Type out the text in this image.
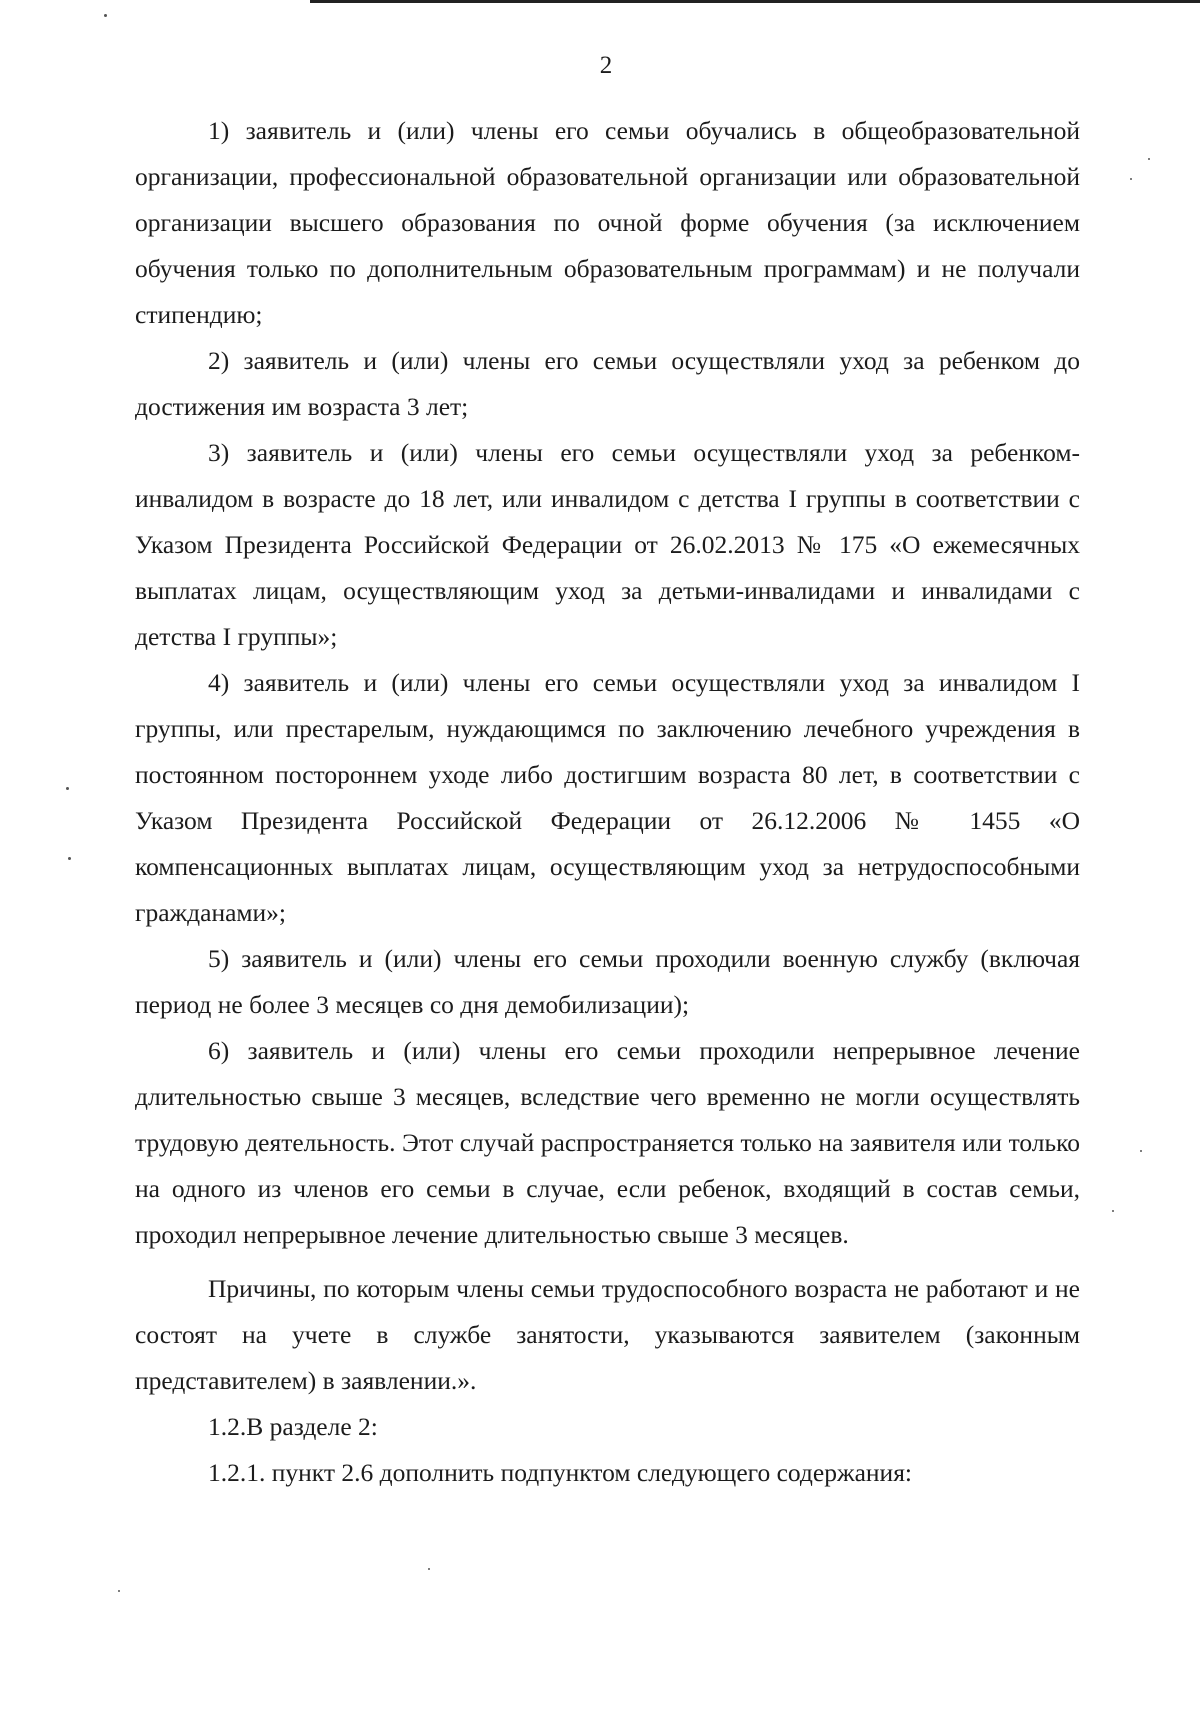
2

1) заявитель и (или) члены его семьи обучались в общеобразовательной организации, профессиональной образовательной организации или образовательной организации высшего образования по очной форме обучения (за исключением обучения только по дополнительным образовательным программам) и не получали стипендию;

2) заявитель и (или) члены его семьи осуществляли уход за ребенком до достижения им возраста 3 лет;

3) заявитель и (или) члены его семьи осуществляли уход за ребенком-инвалидом в возрасте до 18 лет, или инвалидом с детства I группы в соответствии с Указом Президента Российской Федерации от 26.02.2013 № 175 «О ежемесячных выплатах лицам, осуществляющим уход за детьми-инвалидами и инвалидами с детства I группы»;

4) заявитель и (или) члены его семьи осуществляли уход за инвалидом I группы, или престарелым, нуждающимся по заключению лечебного учреждения в постоянном постороннем уходе либо достигшим возраста 80 лет, в соответствии с Указом Президента Российской Федерации от 26.12.2006 № 1455 «О компенсационных выплатах лицам, осуществляющим уход за нетрудоспособными гражданами»;

5) заявитель и (или) члены его семьи проходили военную службу (включая период не более 3 месяцев со дня демобилизации);

6) заявитель и (или) члены его семьи проходили непрерывное лечение длительностью свыше 3 месяцев, вследствие чего временно не могли осуществлять трудовую деятельность. Этот случай распространяется только на заявителя или только на одного из членов его семьи в случае, если ребенок, входящий в состав семьи, проходил непрерывное лечение длительностью свыше 3 месяцев.

Причины, по которым члены семьи трудоспособного возраста не работают и не состоят на учете в службе занятости, указываются заявителем (законным представителем) в заявлении.».

1.2.В разделе 2:

1.2.1. пункт 2.6 дополнить подпунктом следующего содержания:
